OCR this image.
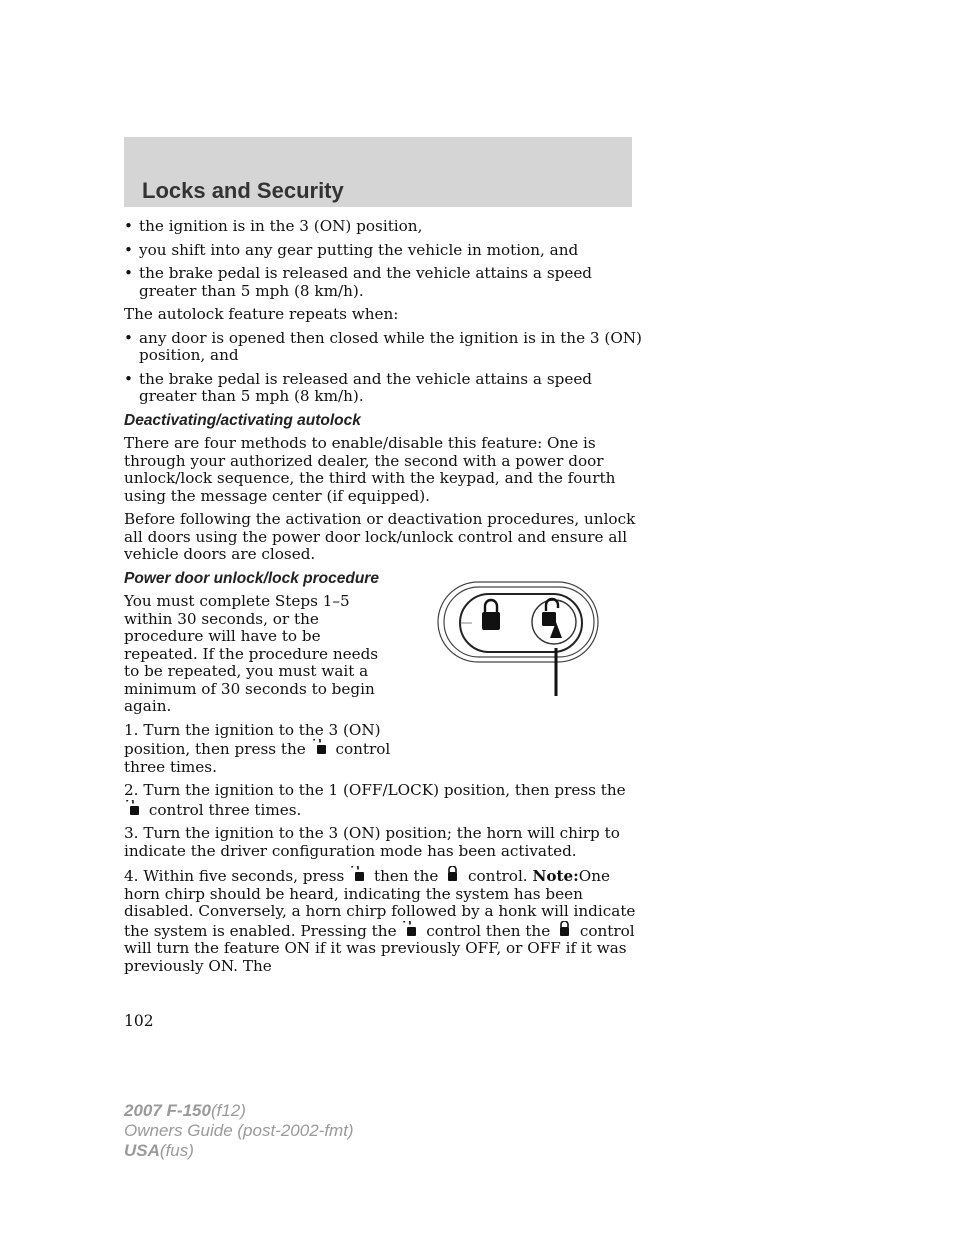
Locks and Security
• the ignition is in the 3 (ON) position,
• you shift into any gear putting the vehicle in motion, and
• the brake pedal is released and the vehicle attains a speed greater than 5 mph (8 km/h).

The autolock feature repeats when:

• any door is opened then closed while the ignition is in the 3 (ON) position, and
• the brake pedal is released and the vehicle attains a speed greater than 5 mph (8 km/h).
Deactivating/activating autolock

There are four methods to enable/disable this feature: One is through your authorized dealer, the second with a power door unlock/lock sequence, the third with the keypad, and the fourth using the message center (if equipped).

Before following the activation or deactivation procedures, unlock all doors using the power door lock/unlock control and ensure all vehicle doors are closed.

Power door unlock/lock procedure

You must complete Steps 1–5 within 30 seconds, or the procedure will have to be repeated. If the procedure needs to be repeated, you must wait a minimum of 30 seconds to begin again.

1. Turn the ignition to the 3 (ON) position, then press the control three times.

2. Turn the ignition to the 1 (OFF/LOCK) position, then press the
control three times.

3. Turn the ignition to the 3 (ON) position; the horn will chirp to indicate the driver configuration mode has been activated.

4. Within five seconds, press then the control. Note:One horn chirp should be heard, indicating the system has been disabled. Conversely, a horn chirp followed by a honk will indicate the system is enabled. Pressing the control then the control will turn the feature ON if it was previously OFF, or OFF if it was previously ON. The

102
2007 F-150(f12)
Owners Guide (post-2002-fmt)
USA(fus)
